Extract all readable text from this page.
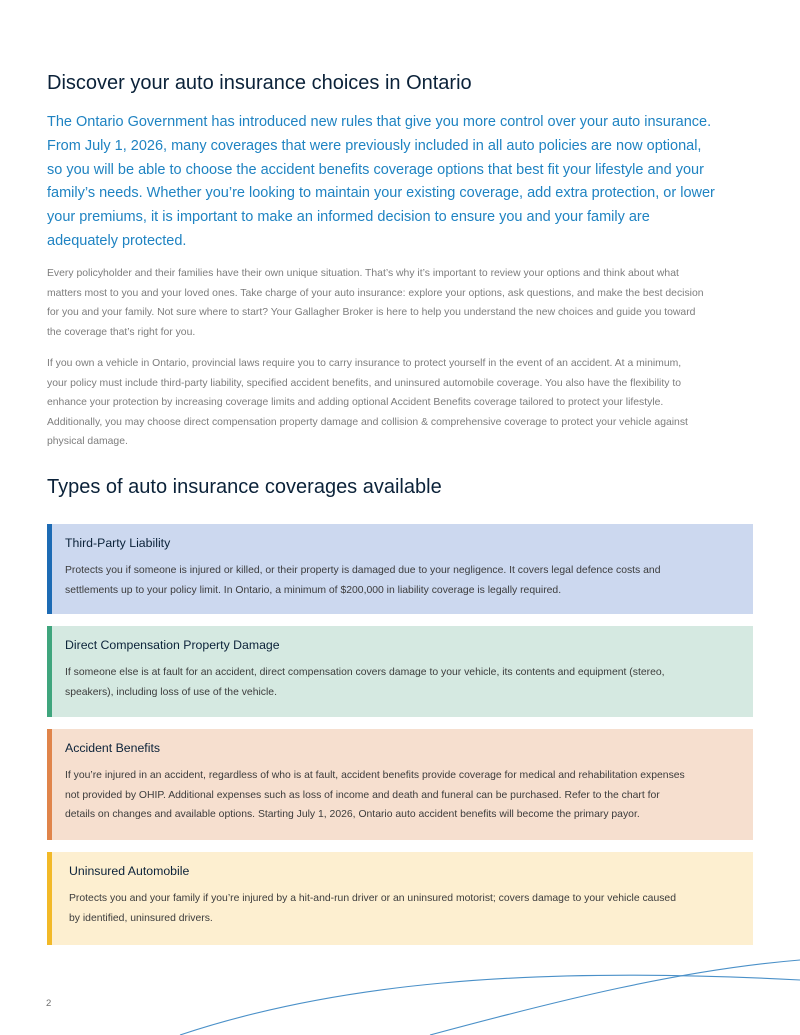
Discover your auto insurance choices in Ontario

The Ontario Government has introduced new rules that give you more control over your auto insurance.
From July 1, 2026, many coverages that were previously included in all auto policies are now optional,
so you will be able to choose the accident benefits coverage options that best fit your lifestyle and your
family’s needs. Whether you’re looking to maintain your existing coverage, add extra protection, or lower
your premiums, it is important to make an informed decision to ensure you and your family are
adequately protected.

Every policyholder and their families have their own unique situation. That’s why it’s important to review your options and think about what
matters most to you and your loved ones. Take charge of your auto insurance: explore your options, ask questions, and make the best decision
for you and your family. Not sure where to start? Your Gallagher Broker is here to help you understand the new choices and guide you toward
the coverage that’s right for you.

If you own a vehicle in Ontario, provincial laws require you to carry insurance to protect yourself in the event of an accident. At a minimum,
your policy must include third-party liability, specified accident benefits, and uninsured automobile coverage. You also have the flexibility to
enhance your protection by increasing coverage limits and adding optional Accident Benefits coverage tailored to protect your lifestyle.
Additionally, you may choose direct compensation property damage and collision & comprehensive coverage to protect your vehicle against
physical damage.

Types of auto insurance coverages available
Third-Party Liability

Protects you if someone is injured or killed, or their property is damaged due to your negligence. It covers legal defence costs and
settlements up to your policy limit. In Ontario, a minimum of $200,000 in liability coverage is legally required.

Direct Compensation Property Damage

If someone else is at fault for an accident, direct compensation covers damage to your vehicle, its contents and equipment (stereo,
speakers), including loss of use of the vehicle.

Accident Benefits

If you’re injured in an accident, regardless of who is at fault, accident benefits provide coverage for medical and rehabilitation expenses
not provided by OHIP. Additional expenses such as loss of income and death and funeral can be purchased. Refer to the chart for
details on changes and available options. Starting July 1, 2026, Ontario auto accident benefits will become the primary payor.

Uninsured Automobile

Protects you and your family if you’re injured by a hit-and-run driver or an uninsured motorist; covers damage to your vehicle caused
by identified, uninsured drivers.

2
